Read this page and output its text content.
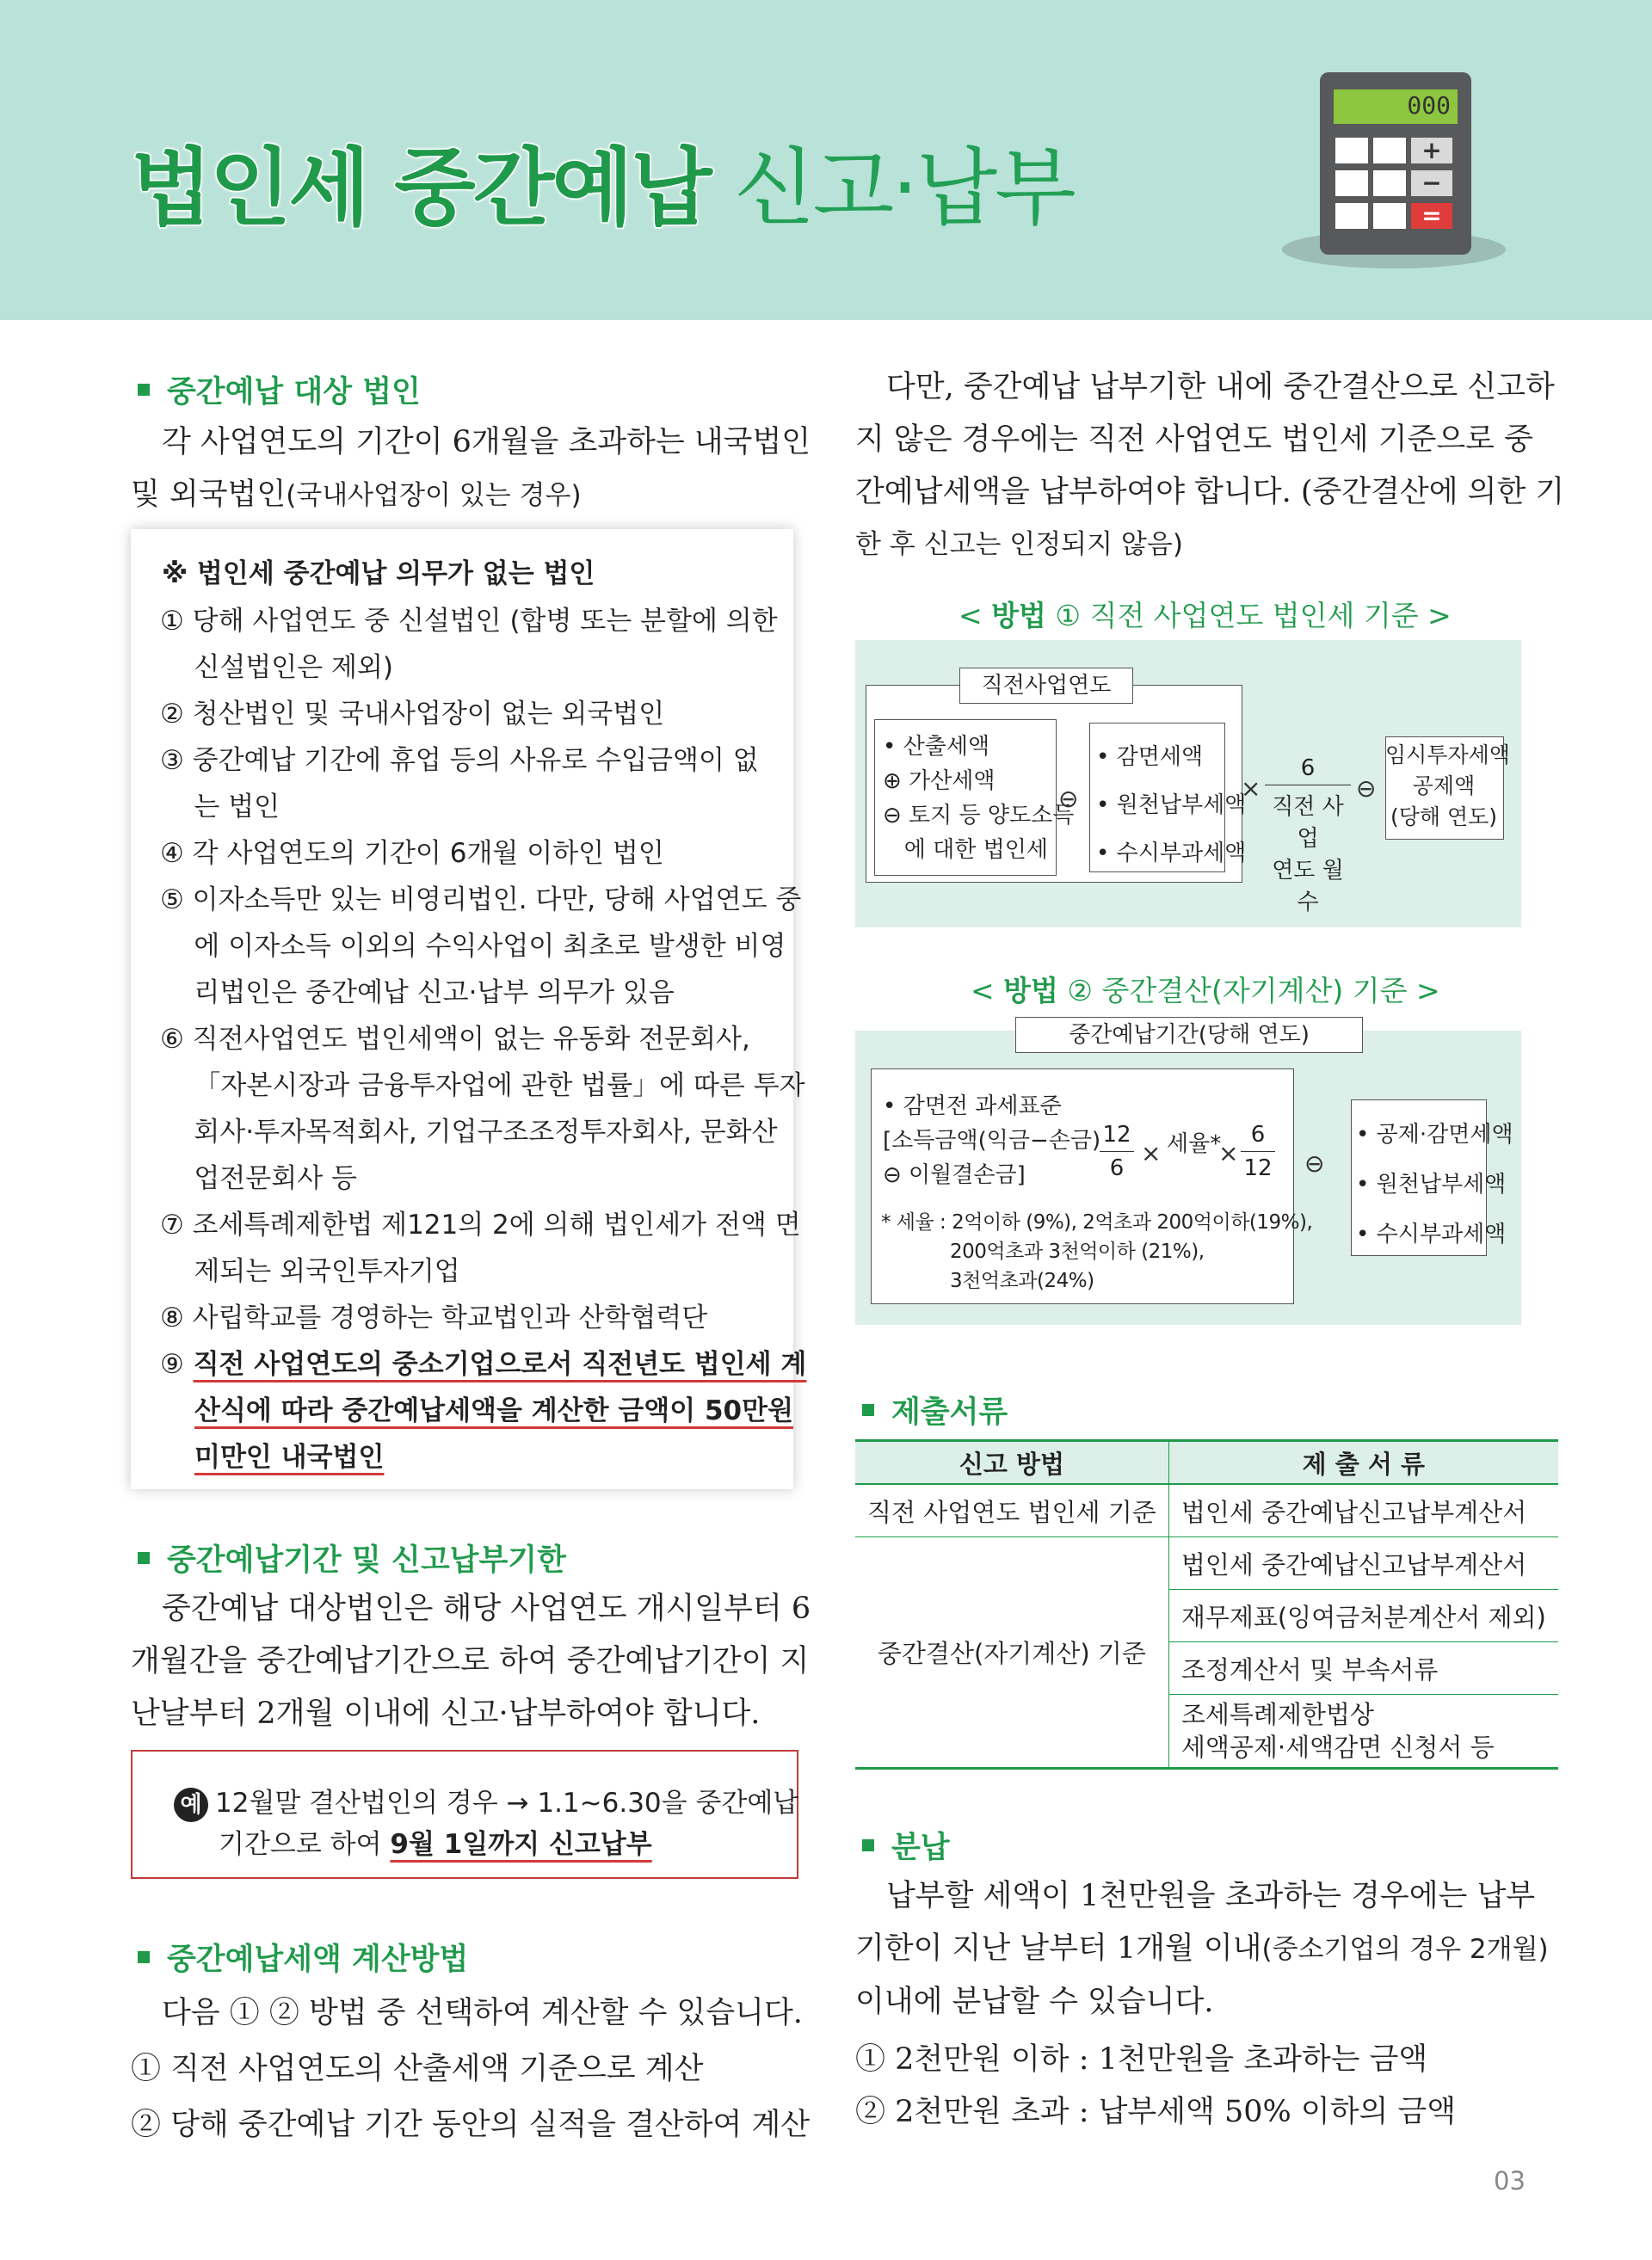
법인세 중간예납 신고·납부
000
+
−
=
중간예납 대상 법인

각 사업연도의 기간이 6개월을 초과하는 내국법인

및 외국법인(국내사업장이 있는 경우)

※ 법인세 중간예납 의무가 없는 법인

① 당해 사업연도 중 신설법인 (합병 또는 분할에 의한

신설법인은 제외)

② 청산법인 및 국내사업장이 없는 외국법인

③ 중간예납 기간에 휴업 등의 사유로 수입금액이 없

는 법인

④ 각 사업연도의 기간이 6개월 이하인 법인

⑤ 이자소득만 있는 비영리법인. 다만, 당해 사업연도 중

에 이자소득 이외의 수익사업이 최초로 발생한 비영

리법인은 중간예납 신고·납부 의무가 있음

⑥ 직전사업연도 법인세액이 없는 유동화 전문회사,

「자본시장과 금융투자업에 관한 법률」에 따른 투자

회사·투자목적회사, 기업구조조정투자회사, 문화산

업전문회사 등

⑦ 조세특례제한법 제121의 2에 의해 법인세가 전액 면

제되는 외국인투자기업

⑧ 사립학교를 경영하는 학교법인과 산학협력단

⑨ 직전 사업연도의 중소기업으로서 직전년도 법인세 계

산식에 따라 중간예납세액을 계산한 금액이 50만원

미만인 내국법인

중간예납기간 및 신고납부기한

중간예납 대상법인은 해당 사업연도 개시일부터 6

개월간을 중간예납기간으로 하여 중간예납기간이 지

난날부터 2개월 이내에 신고·납부하여야 합니다.

예 12월말 결산법인의 경우 → 1.1~6.30을 중간예납
기간으로 하여 9월 1일까지 신고납부
중간예납세액 계산방법

다음 ① ② 방법 중 선택하여 계산할 수 있습니다.

① 직전 사업연도의 산출세액 기준으로 계산

② 당해 중간예납 기간 동안의 실적을 결산하여 계산

다만, 중간예납 납부기한 내에 중간결산으로 신고하

지 않은 경우에는 직전 사업연도 법인세 기준으로 중

간예납세액을 납부하여야 합니다. (중간결산에 의한 기

한 후 신고는 인정되지 않음)

< 방법 ① 직전 사업연도 법인세 기준 >
직전사업연도
• 산출세액
⊕ 가산세액
⊖ 토지 등 양도소득
에 대한 법인세
⊖
• 감면세액
• 원천납부세액
• 수시부과세액
×
6
직전 사업
연도 월수
⊖
임시투자세액
공제액
(당해 연도)
< 방법 ② 중간결산(자기계산) 기준 >
중간예납기간(당해 연도)
• 감면전 과세표준
[소득금액(익금−손금)
⊖ 이월결손금]
12
6
× 세율*
×
6
12
* 세율 : 2억이하 (9%), 2억초과 200억이하(19%),
200억초과 3천억이하 (21%),
3천억초과(24%)
⊖
• 공제·감면세액
• 원천납부세액
• 수시부과세액
제출서류
신고 방법	제 출 서 류
직전 사업연도 법인세 기준	법인세 중간예납신고납부계산서
중간결산(자기계산) 기준	법인세 중간예납신고납부계산서
	재무제표(잉여금처분계산서 제외)
	조정계산서 및 부속서류

	조세특례제한법상
세액공제·세액감면 신청서 등
분납

납부할 세액이 1천만원을 초과하는 경우에는 납부

기한이 지난 날부터 1개월 이내(중소기업의 경우 2개월)

이내에 분납할 수 있습니다.

① 2천만원 이하 : 1천만원을 초과하는 금액

② 2천만원 초과 : 납부세액 50% 이하의 금액

03
